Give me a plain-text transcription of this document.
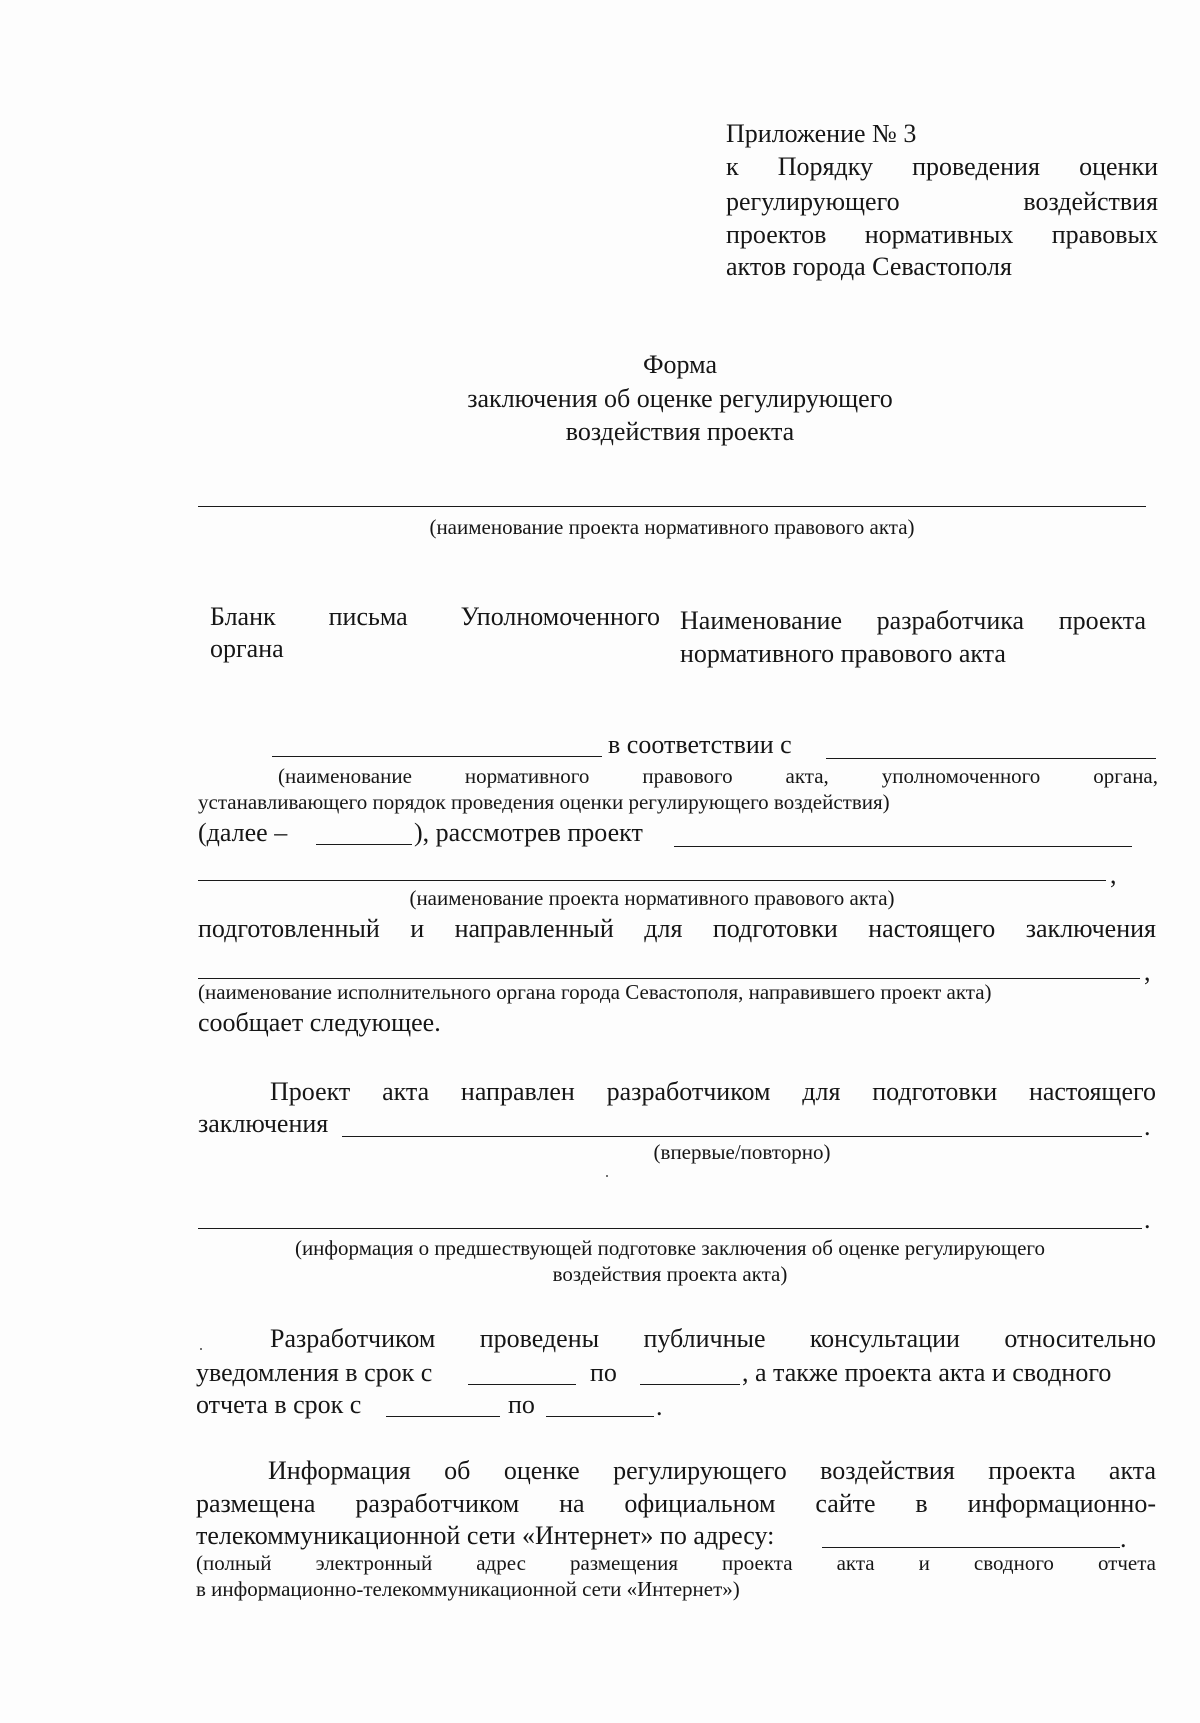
Приложение № 3
к Порядку проведения оценки
регулирующего воздействия
проектов нормативных правовых
актов города Севастополя
Форма
заключения об оценке регулирующего
воздействия проекта
(наименование проекта нормативного правового акта)
Бланк письма Уполномоченного
органа
Наименование разработчика проекта
нормативного правового акта
в соответствии с
(наименование нормативного правового акта, уполномоченного органа,
устанавливающего порядок проведения оценки регулирующего воздействия)
(далее –	), рассмотрев проект
,
(наименование проекта нормативного правового акта)
подготовленный и направленный для подготовки настоящего заключения
,
(наименование исполнительного органа города Севастополя, направившего проект акта)
сообщает следующее.
Проект акта направлен разработчиком для подготовки настоящего
заключения	.
(впервые/повторно)
.
(информация о предшествующей подготовке заключения об оценке регулирующего
воздействия проекта акта)
Разработчиком проведены публичные консультации относительно
уведомления в срок с	по	, а также проекта акта и сводного
отчета в срок с	по	.
Информация об оценке регулирующего воздействия проекта акта
размещена разработчиком на официальном сайте в информационно-
телекоммуникационной сети «Интернет» по адресу:	.
(полный электронный адрес размещения проекта акта и сводного отчета
в информационно-телекоммуникационной сети «Интернет»)
